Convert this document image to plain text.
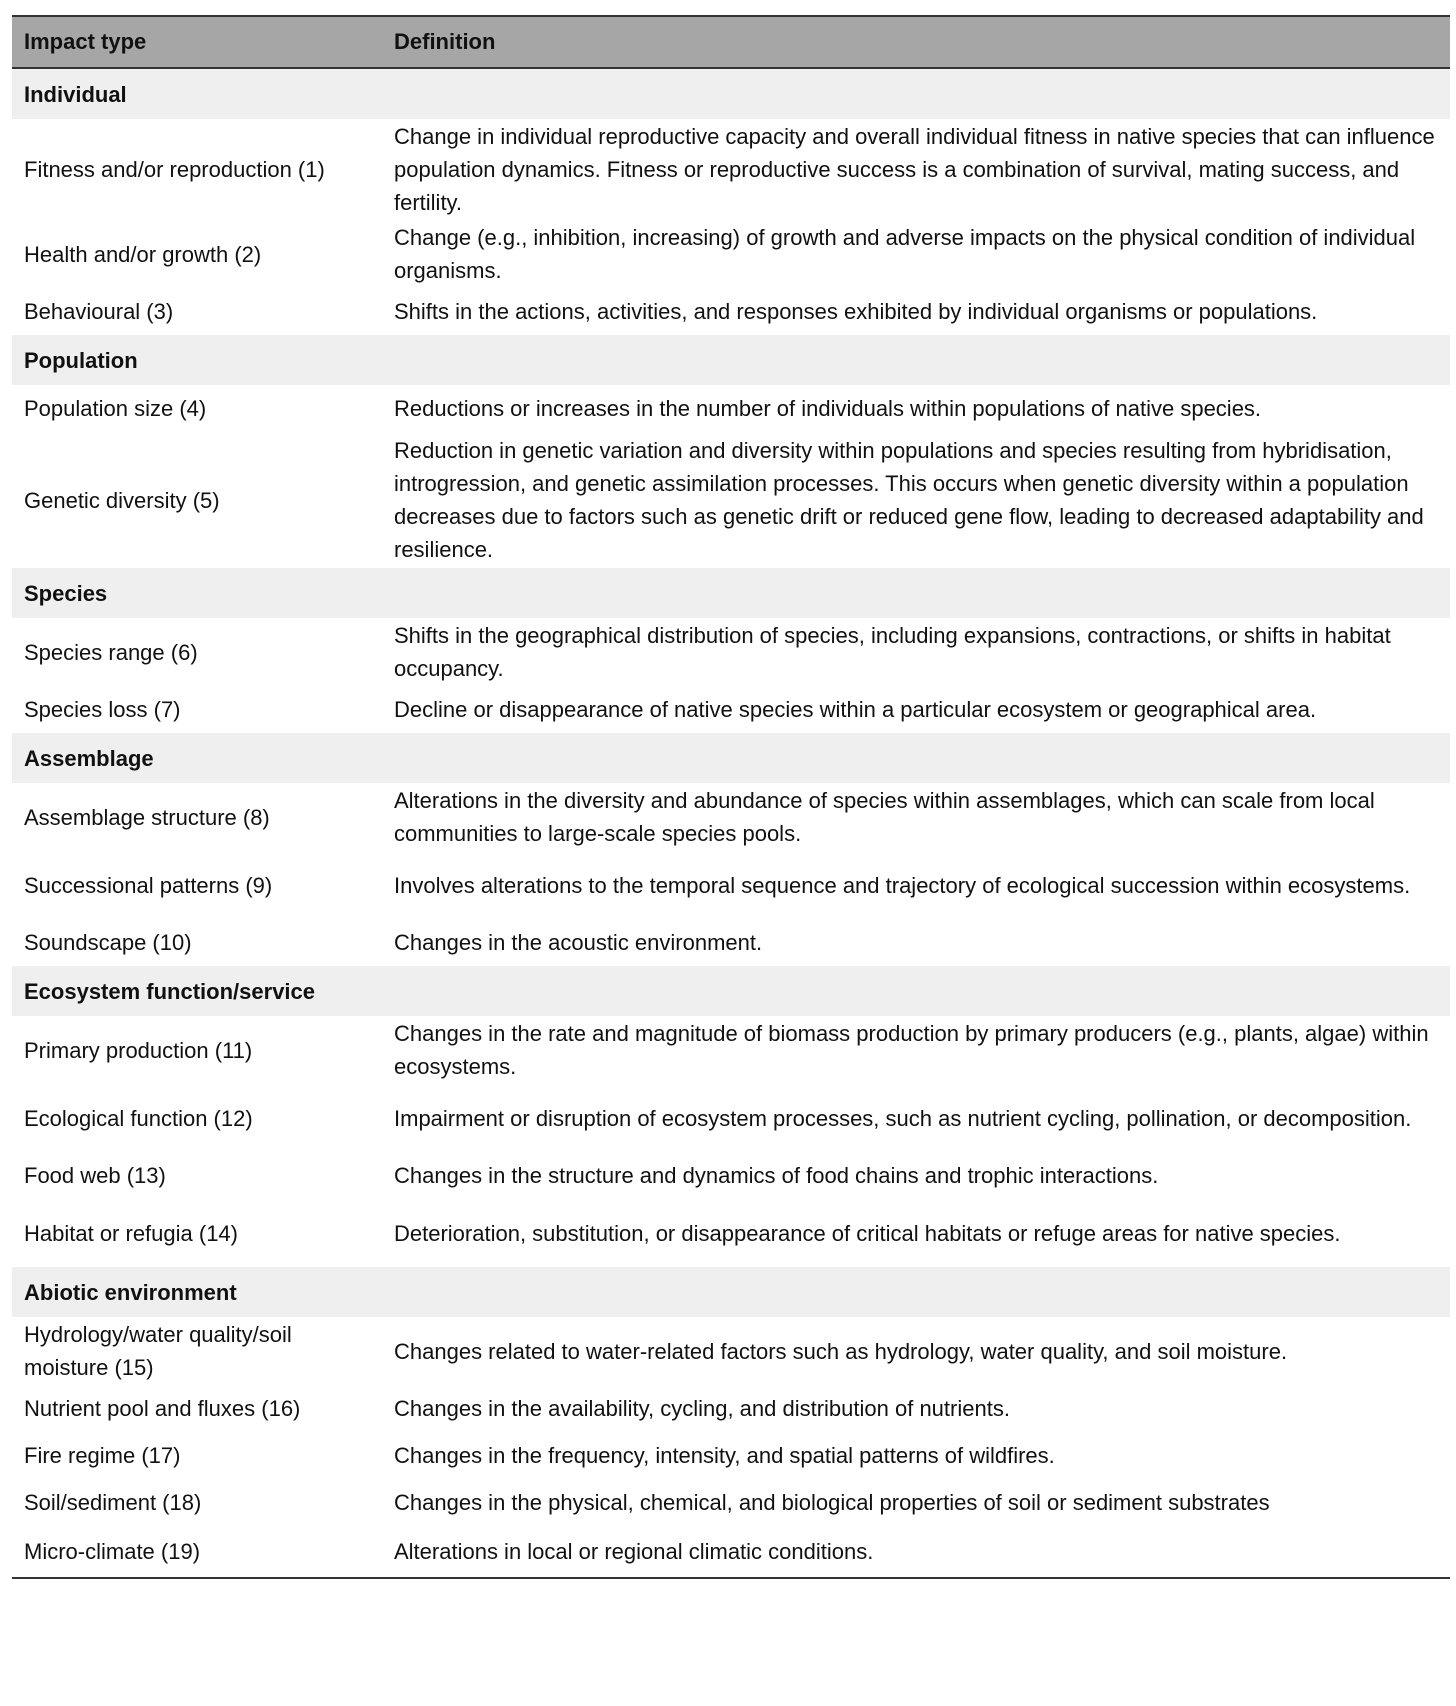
Impact type	Definition
Individual	
Fitness and/or reproduction (1)	Change in individual reproductive capacity and overall individual fitness in native species that can influence population dynamics. Fitness or reproductive success is a combination of survival, mating success, and fertility.
Health and/or growth (2)	Change (e.g., inhibition, increasing) of growth and adverse impacts on the physical condition of individual organisms.
Behavioural (3)	Shifts in the actions, activities, and responses exhibited by individual organisms or populations.
Population	
Population size (4)	Reductions or increases in the number of individuals within populations of native species.
Genetic diversity (5)	Reduction in genetic variation and diversity within populations and species resulting from hybridisation, introgression, and genetic assimilation processes. This occurs when genetic diversity within a population decreases due to factors such as genetic drift or reduced gene flow, leading to decreased adaptability and resilience.
Species	
Species range (6)	Shifts in the geographical distribution of species, including expansions, contractions, or shifts in habitat occupancy.
Species loss (7)	Decline or disappearance of native species within a particular ecosystem or geographical area.
Assemblage	
Assemblage structure (8)	Alterations in the diversity and abundance of species within assemblages, which can scale from local communities to large-scale species pools.
Successional patterns (9)	Involves alterations to the temporal sequence and trajectory of ecological succession within ecosystems.
Soundscape (10)	Changes in the acoustic environment.
Ecosystem function/service	
Primary production (11)	Changes in the rate and magnitude of biomass production by primary producers (e.g., plants, algae) within ecosystems.
Ecological function (12)	Impairment or disruption of ecosystem processes, such as nutrient cycling, pollination, or decomposition.
Food web (13)	Changes in the structure and dynamics of food chains and trophic interactions.
Habitat or refugia (14)	Deterioration, substitution, or disappearance of critical habitats or refuge areas for native species.
Abiotic environment	
Hydrology/water quality/soil moisture (15)	Changes related to water-related factors such as hydrology, water quality, and soil moisture.
Nutrient pool and fluxes (16)	Changes in the availability, cycling, and distribution of nutrients.
Fire regime (17)	Changes in the frequency, intensity, and spatial patterns of wildfires.
Soil/sediment (18)	Changes in the physical, chemical, and biological properties of soil or sediment substrates
Micro-climate (19)	Alterations in local or regional climatic conditions.
